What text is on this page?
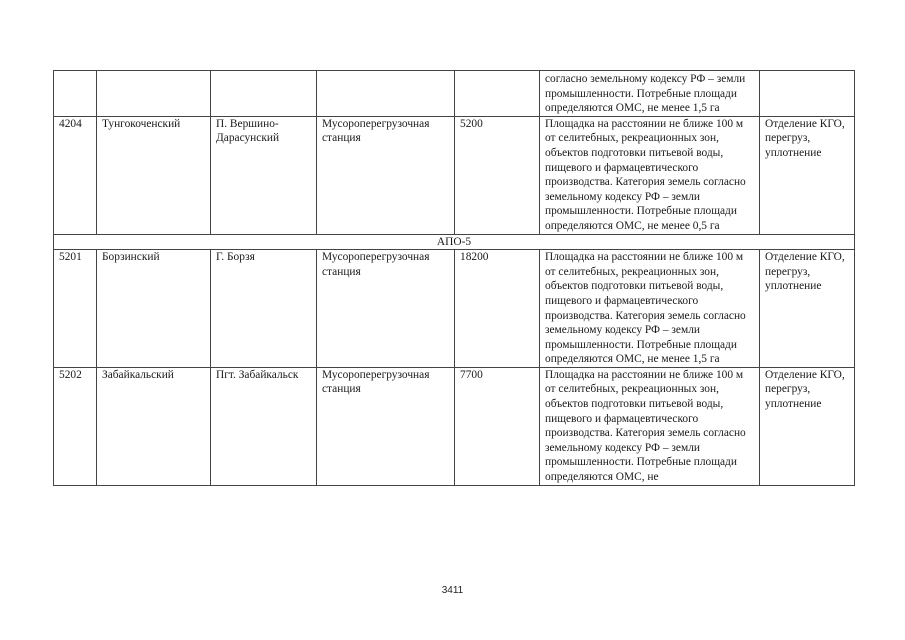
					согласно земельному кодексу РФ – земли промышленности. Потребные площади определяются ОМС, не менее 1,5 га	
4204	Тунгокоченский	П. Вершино-Дарасунский	Мусороперегрузочная станция	5200	Площадка на расстоянии не ближе 100 м от селитебных, рекреационных зон, объектов подготовки питьевой воды, пищевого и фармацевтического производства. Категория земель согласно земельному кодексу РФ – земли промышленности. Потребные площади определяются ОМС, не менее 0,5 га	Отделение КГО, перегруз, уплотнение
АПО-5						
5201	Борзинский	Г. Борзя	Мусороперегрузочная станция	18200	Площадка на расстоянии не ближе 100 м от селитебных, рекреационных зон, объектов подготовки питьевой воды, пищевого и фармацевтического производства. Категория земель согласно земельному кодексу РФ – земли промышленности. Потребные площади определяются ОМС, не менее 1,5 га	Отделение КГО, перегруз, уплотнение
5202	Забайкальский	Пгт. Забайкальск	Мусороперегрузочная станция	7700	Площадка на расстоянии не ближе 100 м от селитебных, рекреационных зон, объектов подготовки питьевой воды, пищевого и фармацевтического производства. Категория земель согласно земельному кодексу РФ – земли промышленности. Потребные площади определяются ОМС, не	Отделение КГО, перегруз, уплотнение
3411
